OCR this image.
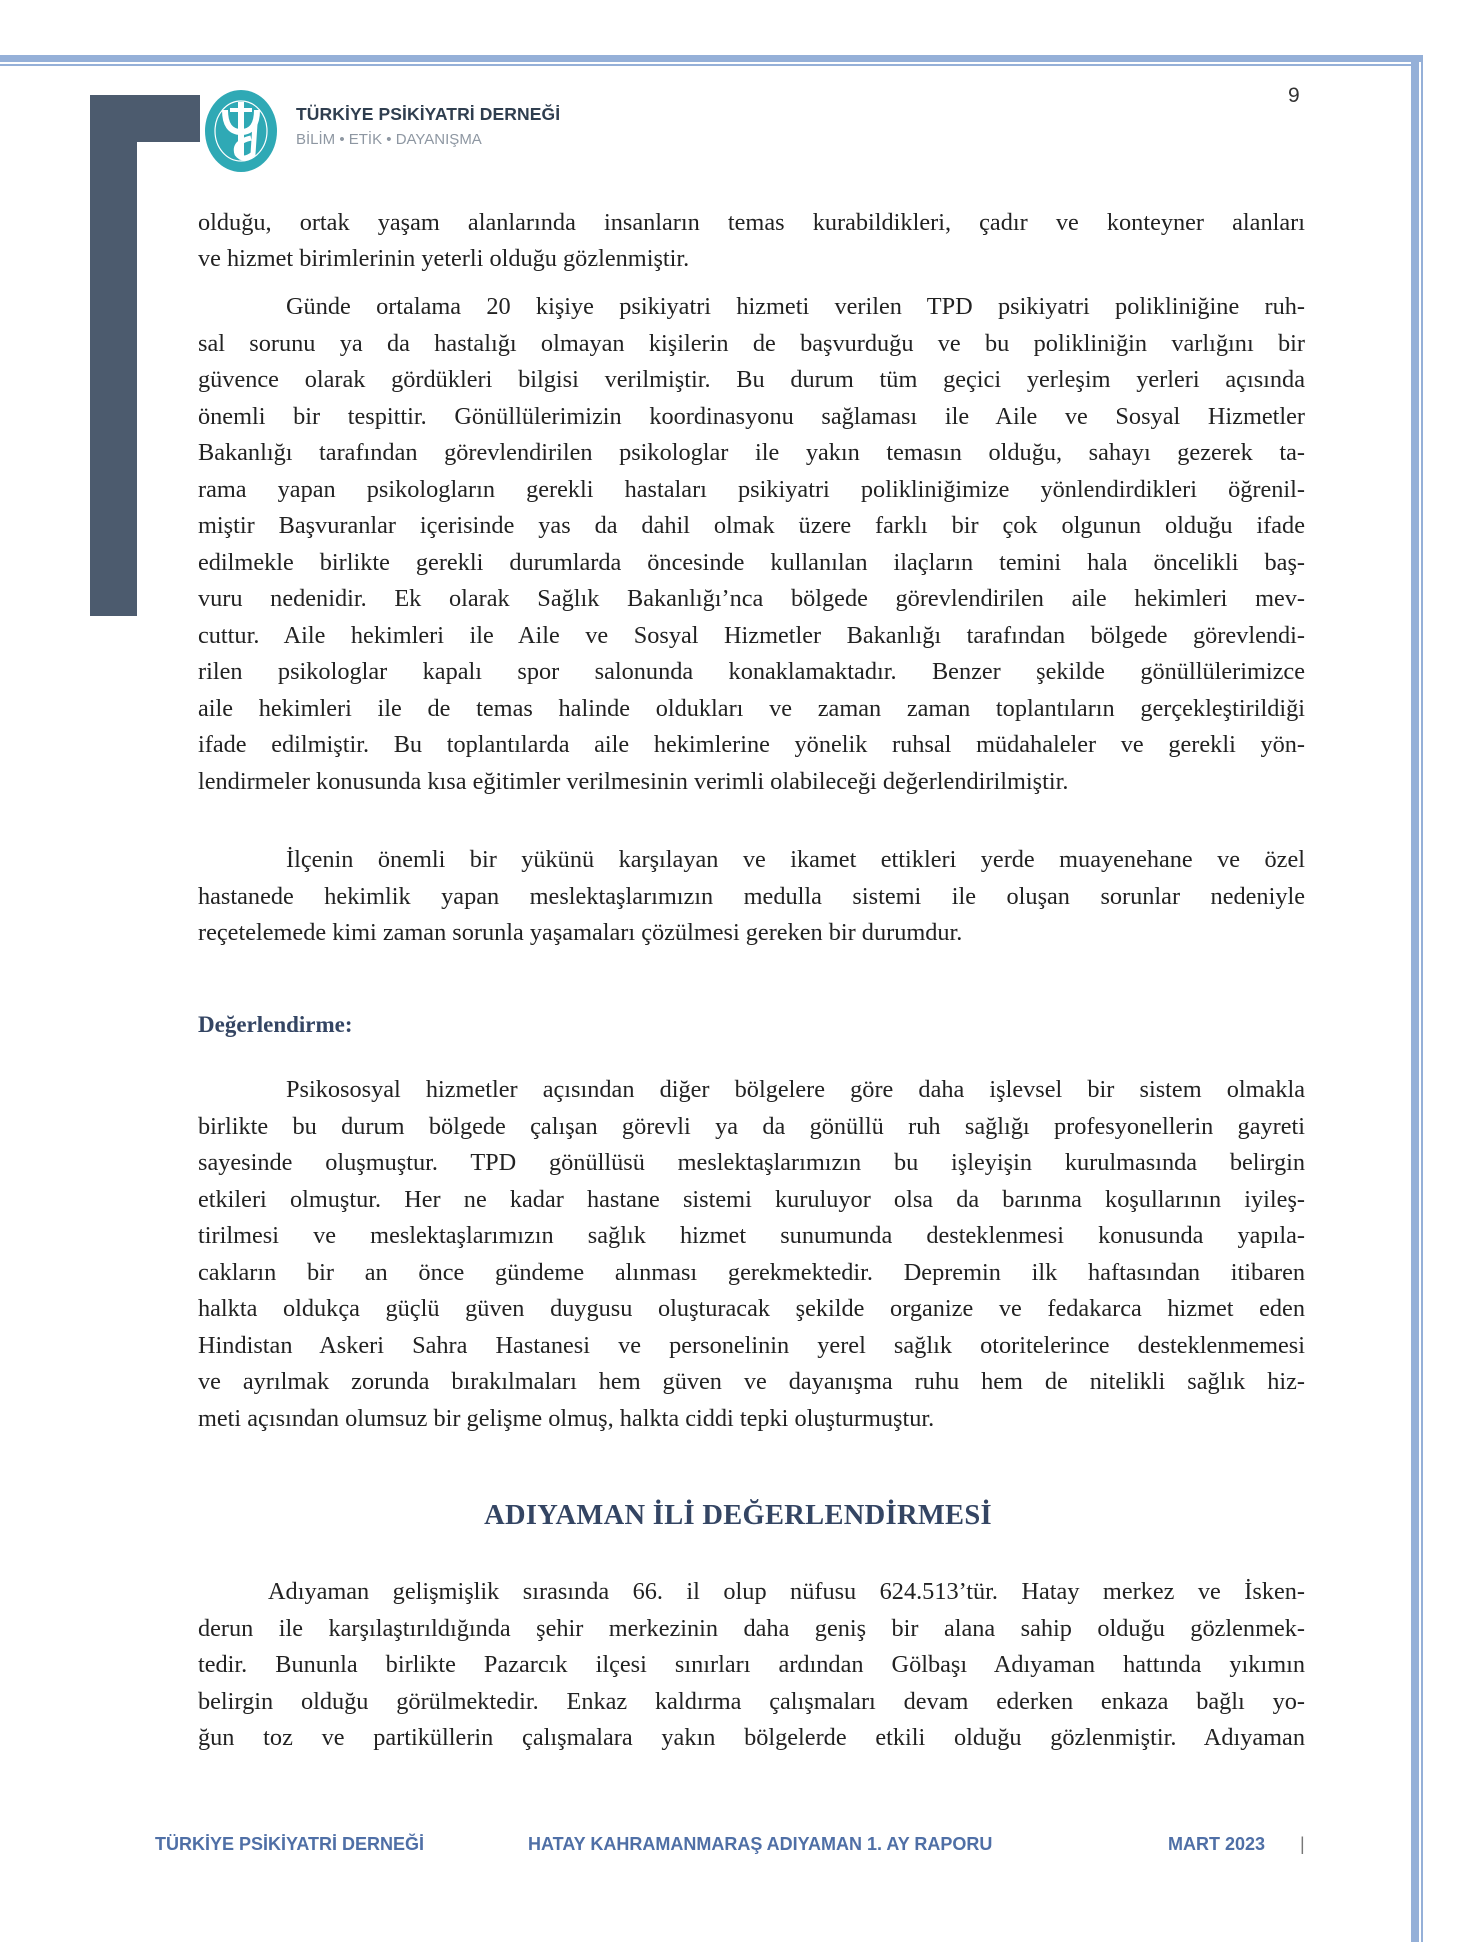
TÜRKİYE PSİKİYATRİ DERNEĞİ
BİLİM • ETİK • DAYANIŞMA
9
olduğu, ortak yaşam alanlarında insanların temas kurabildikleri, çadır ve konteyner alanları
ve hizmet birimlerinin yeterli olduğu gözlenmiştir.
Günde ortalama 20 kişiye psikiyatri hizmeti verilen TPD psikiyatri polikliniğine ruh-
sal sorunu ya da hastalığı olmayan kişilerin de başvurduğu ve bu polikliniğin varlığını bir
güvence olarak gördükleri bilgisi verilmiştir. Bu durum tüm geçici yerleşim yerleri açısında
önemli bir tespittir. Gönüllülerimizin koordinasyonu sağlaması ile Aile ve Sosyal Hizmetler
Bakanlığı tarafından görevlendirilen psikologlar ile yakın temasın olduğu, sahayı gezerek ta-
rama yapan psikologların gerekli hastaları psikiyatri polikliniğimize yönlendirdikleri öğrenil-
miştir Başvuranlar içerisinde yas da dahil olmak üzere farklı bir çok olgunun olduğu ifade
edilmekle birlikte gerekli durumlarda öncesinde kullanılan ilaçların temini hala öncelikli baş-
vuru nedenidir. Ek olarak Sağlık Bakanlığı’nca bölgede görevlendirilen aile hekimleri mev-
cuttur. Aile hekimleri ile Aile ve Sosyal Hizmetler Bakanlığı tarafından bölgede görevlendi-
rilen psikologlar kapalı spor salonunda konaklamaktadır. Benzer şekilde gönüllülerimizce
aile hekimleri ile de temas halinde oldukları ve zaman zaman toplantıların gerçekleştirildiği
ifade edilmiştir. Bu toplantılarda aile hekimlerine yönelik ruhsal müdahaleler ve gerekli yön-
lendirmeler konusunda kısa eğitimler verilmesinin verimli olabileceği değerlendirilmiştir.
İlçenin önemli bir yükünü karşılayan ve ikamet ettikleri yerde muayenehane ve özel
hastanede hekimlik yapan meslektaşlarımızın medulla sistemi ile oluşan sorunlar nedeniyle
reçetelemede kimi zaman sorunla yaşamaları çözülmesi gereken bir durumdur.
Psikososyal hizmetler açısından diğer bölgelere göre daha işlevsel bir sistem olmakla
birlikte bu durum bölgede çalışan görevli ya da gönüllü ruh sağlığı profesyonellerin gayreti
sayesinde oluşmuştur. TPD gönüllüsü meslektaşlarımızın bu işleyişin kurulmasında belirgin
etkileri olmuştur. Her ne kadar hastane sistemi kuruluyor olsa da barınma koşullarının iyileş-
tirilmesi ve meslektaşlarımızın sağlık hizmet sunumunda desteklenmesi konusunda yapıla-
cakların bir an önce gündeme alınması gerekmektedir. Depremin ilk haftasından itibaren
halkta oldukça güçlü güven duygusu oluşturacak şekilde organize ve fedakarca hizmet eden
Hindistan Askeri Sahra Hastanesi ve personelinin yerel sağlık otoritelerince desteklenmemesi
ve ayrılmak zorunda bırakılmaları hem güven ve dayanışma ruhu hem de nitelikli sağlık hiz-
meti açısından olumsuz bir gelişme olmuş, halkta ciddi tepki oluşturmuştur.
Adıyaman gelişmişlik sırasında 66. il olup nüfusu 624.513’tür. Hatay merkez ve İsken-
derun ile karşılaştırıldığında şehir merkezinin daha geniş bir alana sahip olduğu gözlenmek-
tedir. Bununla birlikte Pazarcık ilçesi sınırları ardından Gölbaşı Adıyaman hattında yıkımın
belirgin olduğu görülmektedir. Enkaz kaldırma çalışmaları devam ederken enkaza bağlı yo-
ğun toz ve partiküllerin çalışmalara yakın bölgelerde etkili olduğu gözlenmiştir. Adıyaman
Değerlendirme:
ADIYAMAN İLİ DEĞERLENDİRMESİ
TÜRKİYE PSİKİYATRİ DERNEĞİ	HATAY KAHRAMANMARAŞ ADIYAMAN 1. AY RAPORU	MART 2023 |
